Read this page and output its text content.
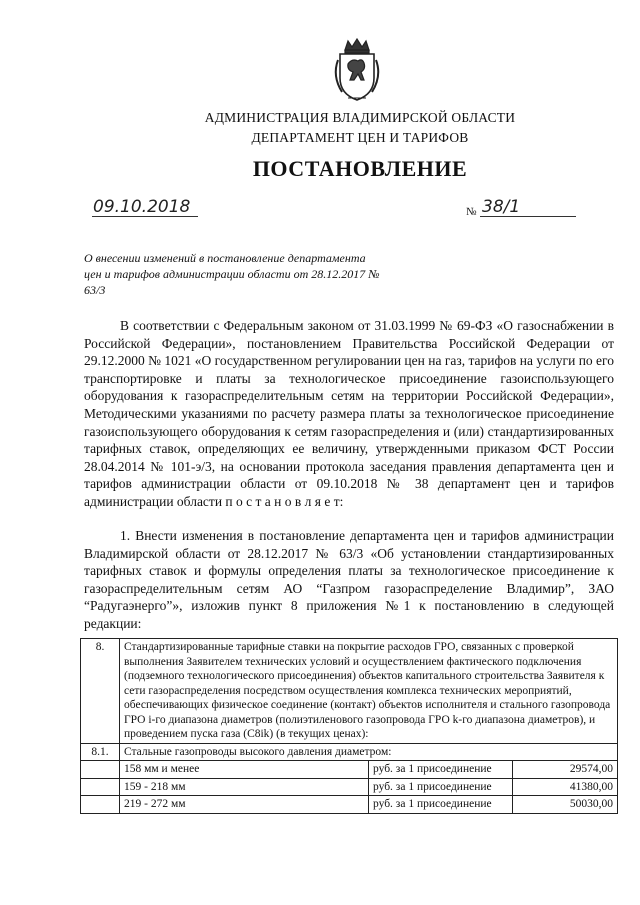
АДМИНИСТРАЦИЯ ВЛАДИМИРСКОЙ ОБЛАСТИ
ДЕПАРТАМЕНТ ЦЕН И ТАРИФОВ
ПОСТАНОВЛЕНИЕ
09.10.2018	№ 38/1
О внесении изменений в постановление департамента цен и тарифов администрации области от 28.12.2017 № 63/3
В соответствии с Федеральным законом от 31.03.1999 № 69-ФЗ «О газоснабжении в Российской Федерации», постановлением Правительства Российской Федерации от 29.12.2000 № 1021 «О государственном регулировании цен на газ, тарифов на услуги по его транспортировке и платы за технологическое присоединение газоиспользующего оборудования к газораспределительным сетям на территории Российской Федерации», Методическими указаниями по расчету размера платы за технологическое присоединение газоиспользующего оборудования к сетям газораспределения и (или) стандартизированных тарифных ставок, определяющих ее величину, утвержденными приказом ФСТ России 28.04.2014 № 101-э/3, на основании протокола заседания правления департамента цен и тарифов администрации области от 09.10.2018 № 38 департамент цен и тарифов администрации области п о с т а н о в л я е т:
1. Внести изменения в постановление департамента цен и тарифов администрации Владимирской области от 28.12.2017 № 63/3 «Об установлении стандартизированных тарифных ставок и формулы определения платы за технологическое присоединение к газораспределительным сетям АО “Газпром газораспределение Владимир”, ЗАО “Радугаэнерго”», изложив пункт 8 приложения №1 к постановлению в следующей редакции:
8.	Стандартизированные тарифные ставки на покрытие расходов ГРО, связанных с проверкой выполнения Заявителем технических условий и осуществлением фактического подключения (подземного технологического присоединения) объектов капитального строительства Заявителя к сети газораспределения посредством осуществления комплекса технических мероприятий, обеспечивающих физическое соединение (контакт) объектов исполнителя и стального газопровода ГРО i-го диапазона диаметров (полиэтиленового газопровода ГРО k-го диапазона диаметров), и проведением пуска газа (C8ik) (в текущих ценах):		
8.1.	Стальные газопроводы высокого давления диаметром:		
	158 мм и менее	руб. за 1 присоединение	29574,00
	159 - 218 мм	руб. за 1 присоединение	41380,00
	219 - 272 мм	руб. за 1 присоединение	50030,00
